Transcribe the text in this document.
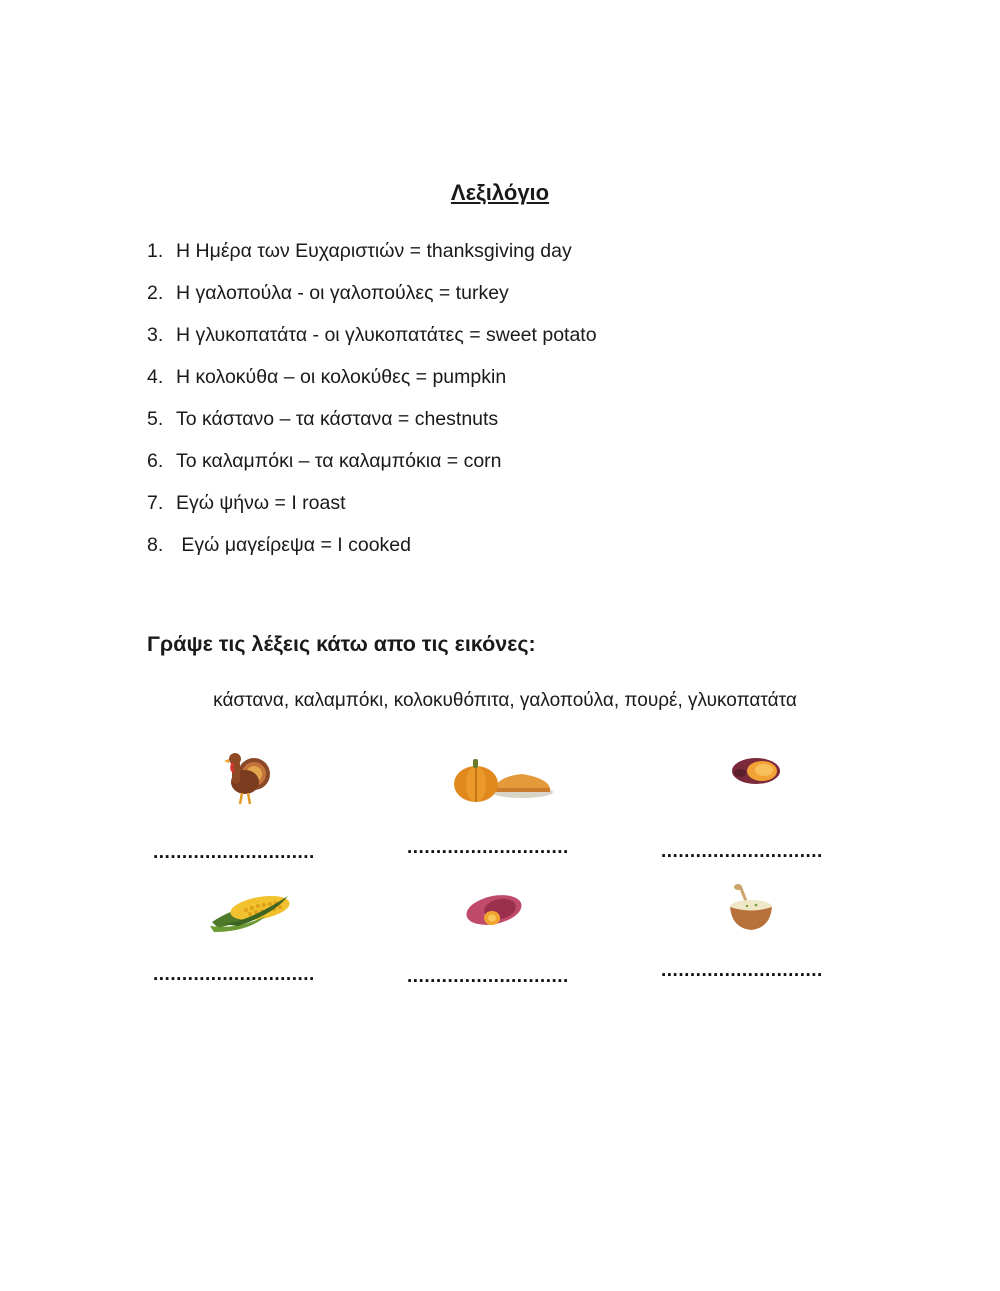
Λεξιλόγιο
1. Η Ημέρα των Ευχαριστιών = thanksgiving day
2. Η γαλοπούλα - οι γαλοπούλες = turkey
3. Η γλυκοπατάτα - οι γλυκοπατάτες = sweet potato
4. Η κολοκύθα – οι κολοκύθες = pumpkin
5. Το κάστανο – τα κάστανα = chestnuts
6. Το καλαμπόκι – τα καλαμπόκια = corn
7. Εγώ ψήνω = I roast
8. Εγώ μαγείρεψα = I cooked
Γράψε τις λέξεις κάτω απο τις εικόνες:
κάστανα, καλαμπόκι, κολοκυθόπιτα, γαλοπούλα, πουρέ, γλυκοπατάτα
............................	............................	............................
............................	............................	............................
